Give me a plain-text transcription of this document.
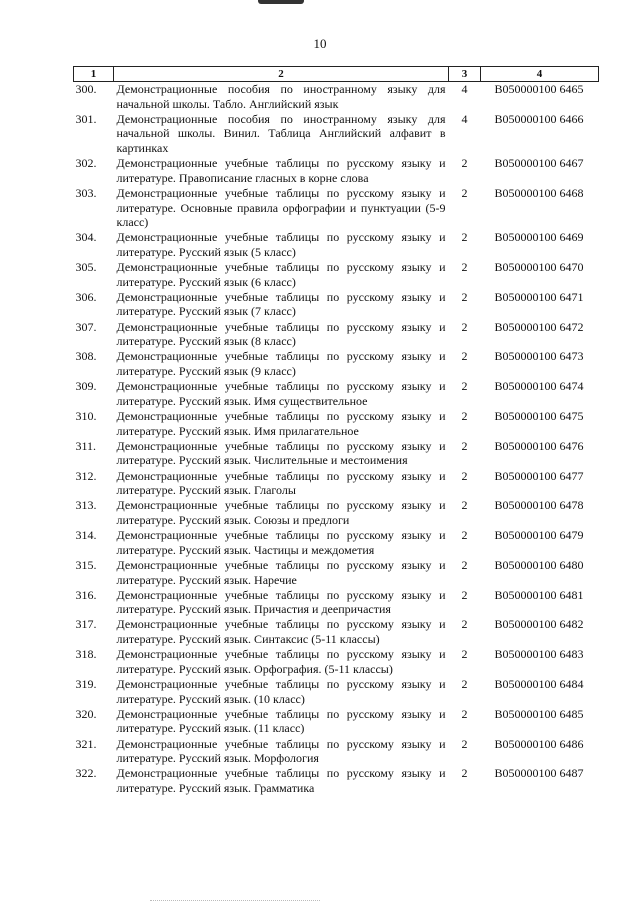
10
1	2	3	4
300.	Демонстрационные пособия по иностранному языку для начальной школы. Табло. Английский язык	4	В050000100 6465
301.	Демонстрационные пособия по иностранному языку для начальной школы. Винил. Таблица Английский алфавит в картинках	4	В050000100 6466
302.	Демонстрационные учебные таблицы по русскому языку и литературе. Правописание гласных в корне слова	2	В050000100 6467
303.	Демонстрационные учебные таблицы по русскому языку и литературе. Основные правила орфографии и пунктуации (5-9 класс)	2	В050000100 6468
304.	Демонстрационные учебные таблицы по русскому языку и литературе. Русский язык (5 класс)	2	В050000100 6469
305.	Демонстрационные учебные таблицы по русскому языку и литературе. Русский язык (6 класс)	2	В050000100 6470
306.	Демонстрационные учебные таблицы по русскому языку и литературе. Русский язык (7 класс)	2	В050000100 6471
307.	Демонстрационные учебные таблицы по русскому языку и литературе. Русский язык (8 класс)	2	В050000100 6472
308.	Демонстрационные учебные таблицы по русскому языку и литературе. Русский язык (9 класс)	2	В050000100 6473
309.	Демонстрационные учебные таблицы по русскому языку и литературе. Русский язык. Имя существительное	2	В050000100 6474
310.	Демонстрационные учебные таблицы по русскому языку и литературе. Русский язык. Имя прилагательное	2	В050000100 6475
311.	Демонстрационные учебные таблицы по русскому языку и литературе. Русский язык. Числительные и местоимения	2	В050000100 6476
312.	Демонстрационные учебные таблицы по русскому языку и литературе. Русский язык. Глаголы	2	В050000100 6477
313.	Демонстрационные учебные таблицы по русскому языку и литературе. Русский язык. Союзы и предлоги	2	В050000100 6478
314.	Демонстрационные учебные таблицы по русскому языку и литературе. Русский язык. Частицы и междометия	2	В050000100 6479
315.	Демонстрационные учебные таблицы по русскому языку и литературе. Русский язык. Наречие	2	В050000100 6480
316.	Демонстрационные учебные таблицы по русскому языку и литературе. Русский язык. Причастия и деепричастия	2	В050000100 6481
317.	Демонстрационные учебные таблицы по русскому языку и литературе. Русский язык. Синтаксис (5-11 классы)	2	В050000100 6482
318.	Демонстрационные учебные таблицы по русскому языку и литературе. Русский язык. Орфография. (5-11 классы)	2	В050000100 6483
319.	Демонстрационные учебные таблицы по русскому языку и литературе. Русский язык. (10 класс)	2	В050000100 6484
320.	Демонстрационные учебные таблицы по русскому языку и литературе. Русский язык. (11 класс)	2	В050000100 6485
321.	Демонстрационные учебные таблицы по русскому языку и литературе. Русский язык. Морфология	2	В050000100 6486
322.	Демонстрационные учебные таблицы по русскому языку и литературе. Русский язык. Грамматика	2	В050000100 6487
